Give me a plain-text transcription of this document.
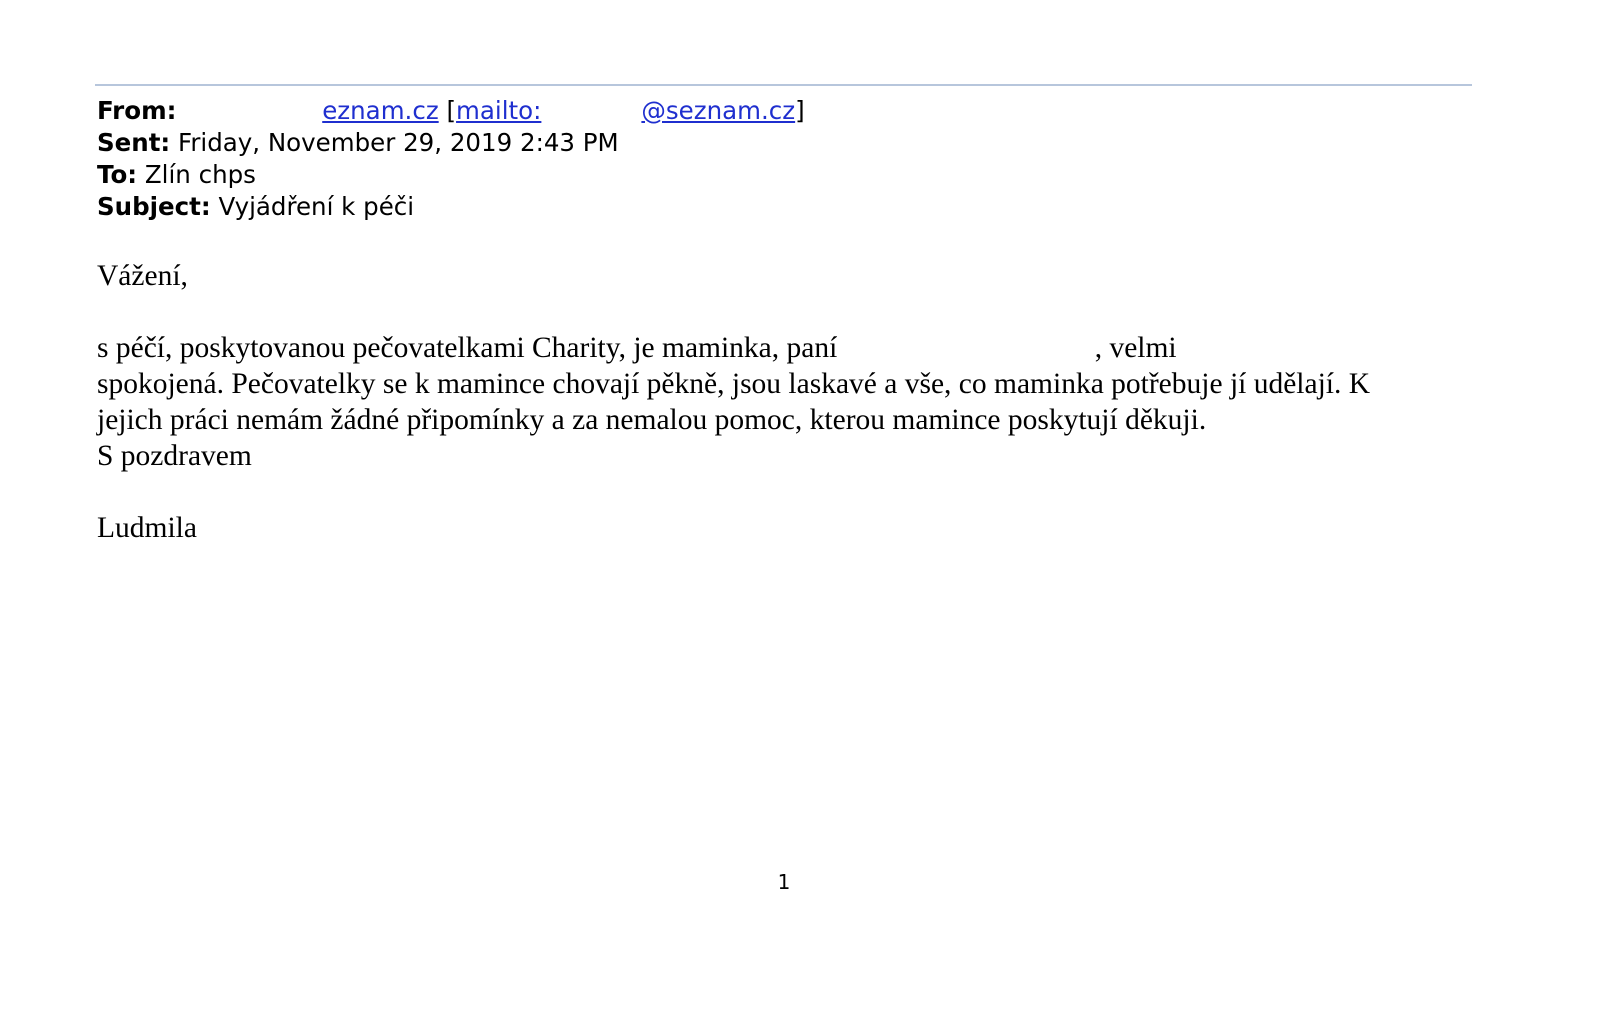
From:	eznam.cz [mailto:	@seznam.cz]
Sent: Friday, November 29, 2019 2:43 PM
To: Zlín chps
Subject: Vyjádření k péči

Vážení,

s péčí, poskytovanou pečovatelkami Charity, je maminka, paní	, velmi
spokojená. Pečovatelky se k mamince chovají pěkně, jsou laskavé a vše, co maminka potřebuje jí udělají. K
jejich práci nemám žádné připomínky a za nemalou pomoc, kterou mamince poskytují děkuji.

S pozdravem

Ludmila

1
